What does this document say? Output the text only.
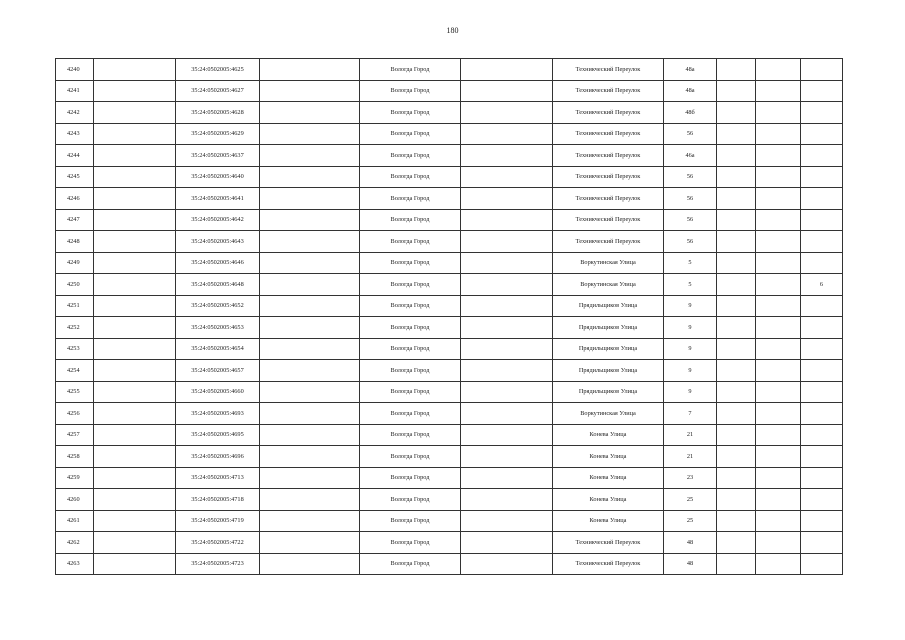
180
4240		35:24:0502005:4625		Вологда Город		Техникческий Переулок	48а			
4241		35:24:0502005:4627		Вологда Город		Техникческий Переулок	48а			
4242		35:24:0502005:4628		Вологда Город		Техникческий Переулок	48б			
4243		35:24:0502005:4629		Вологда Город		Техникческий Переулок	56			
4244		35:24:0502005:4637		Вологда Город		Техникческий Переулок	46а			
4245		35:24:0502005:4640		Вологда Город		Техникческий Переулок	56			
4246		35:24:0502005:4641		Вологда Город		Техникческий Переулок	56			
4247		35:24:0502005:4642		Вологда Город		Техникческий Переулок	56			
4248		35:24:0502005:4643		Вологда Город		Техникческий Переулок	56			
4249		35:24:0502005:4646		Вологда Город		Воркутинская Улица	5			
4250		35:24:0502005:4648		Вологда Город		Воркутинская Улица	5			6
4251		35:24:0502005:4652		Вологда Город		Прядильщиков Улица	9			
4252		35:24:0502005:4653		Вологда Город		Прядильщиков Улица	9			
4253		35:24:0502005:4654		Вологда Город		Прядильщиков Улица	9			
4254		35:24:0502005:4657		Вологда Город		Прядильщиков Улица	9			
4255		35:24:0502005:4660		Вологда Город		Прядильщиков Улица	9			
4256		35:24:0502005:4693		Вологда Город		Воркутинская Улица	7			
4257		35:24:0502005:4695		Вологда Город		Конева Улица	21			
4258		35:24:0502005:4696		Вологда Город		Конева Улица	21			
4259		35:24:0502005:4713		Вологда Город		Конева Улица	23			
4260		35:24:0502005:4718		Вологда Город		Конева Улица	25			
4261		35:24:0502005:4719		Вологда Город		Конева Улица	25			
4262		35:24:0502005:4722		Вологда Город		Техникческий Переулок	48			
4263		35:24:0502005:4723		Вологда Город		Техникческий Переулок	48			
